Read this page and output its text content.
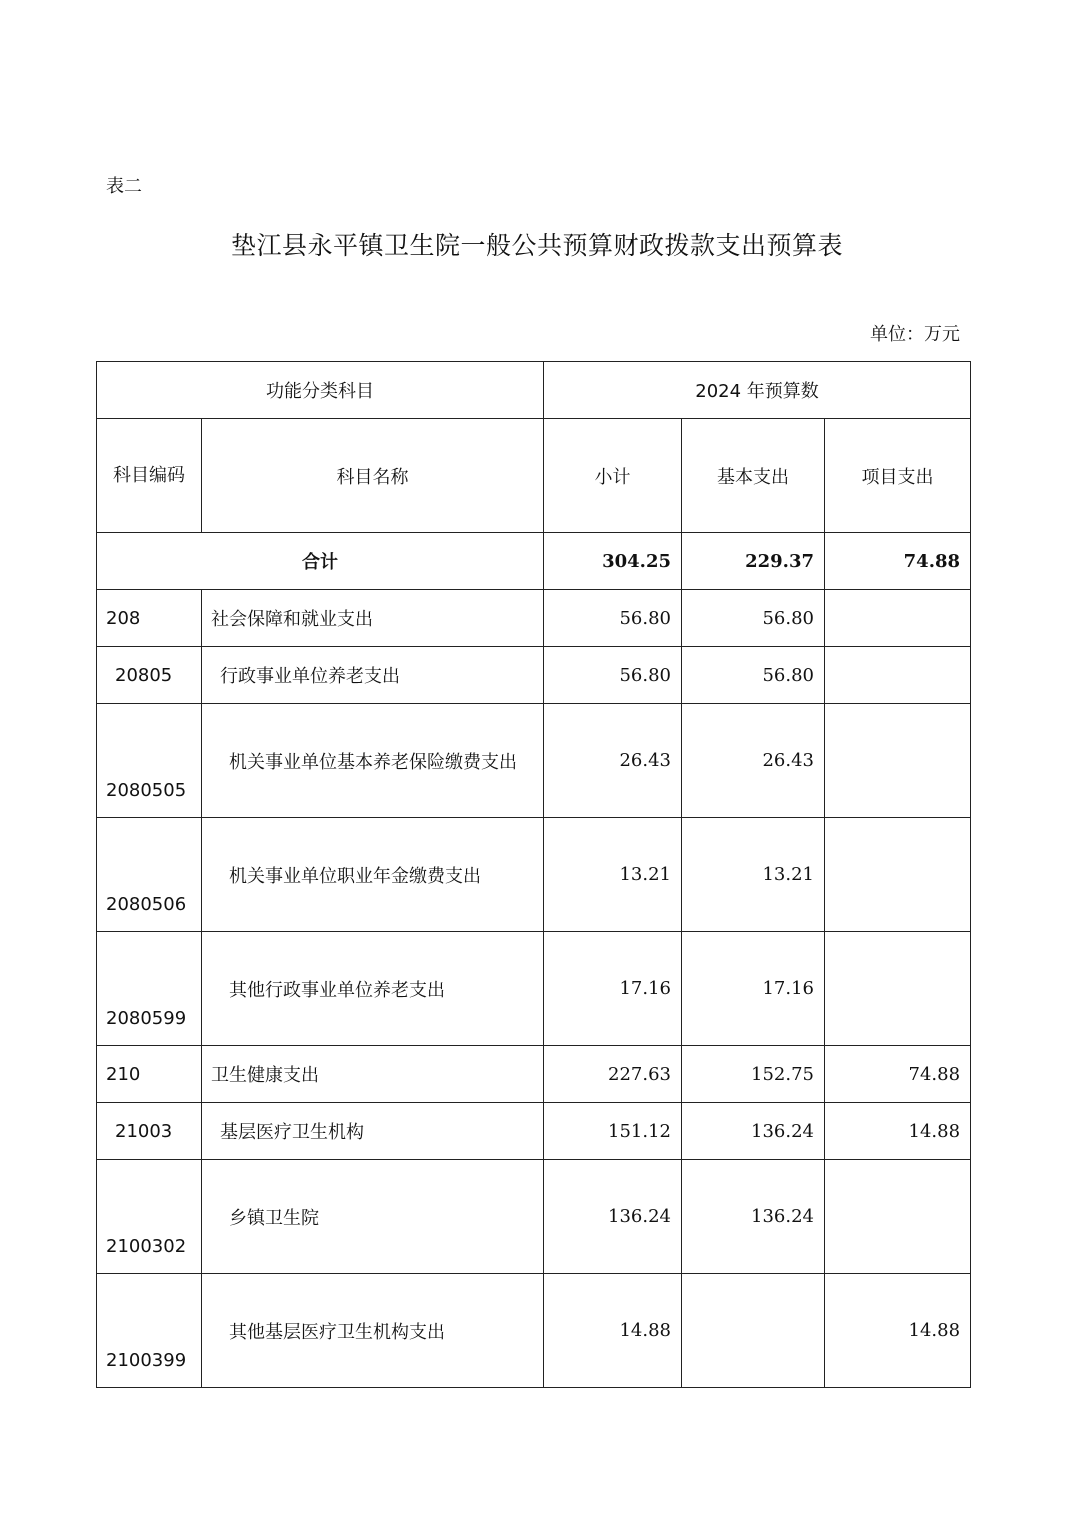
表二
垫江县永平镇卫生院一般公共预算财政拨款支出预算表
单位：万元
功能分类科目		2024 年预算数		
科目编码	科目名称	小计	基本支出	项目支出
合计		304.25	229.37	74.88
208	社会保障和就业支出	56.80	56.80	
20805	行政事业单位养老支出	56.80	56.80	
2080505	机关事业单位基本养老保险缴费支出	26.43	26.43	
2080506	机关事业单位职业年金缴费支出	13.21	13.21	
2080599	其他行政事业单位养老支出	17.16	17.16	
210	卫生健康支出	227.63	152.75	74.88
21003	基层医疗卫生机构	151.12	136.24	14.88
2100302	乡镇卫生院	136.24	136.24	
2100399	其他基层医疗卫生机构支出	14.88		14.88
